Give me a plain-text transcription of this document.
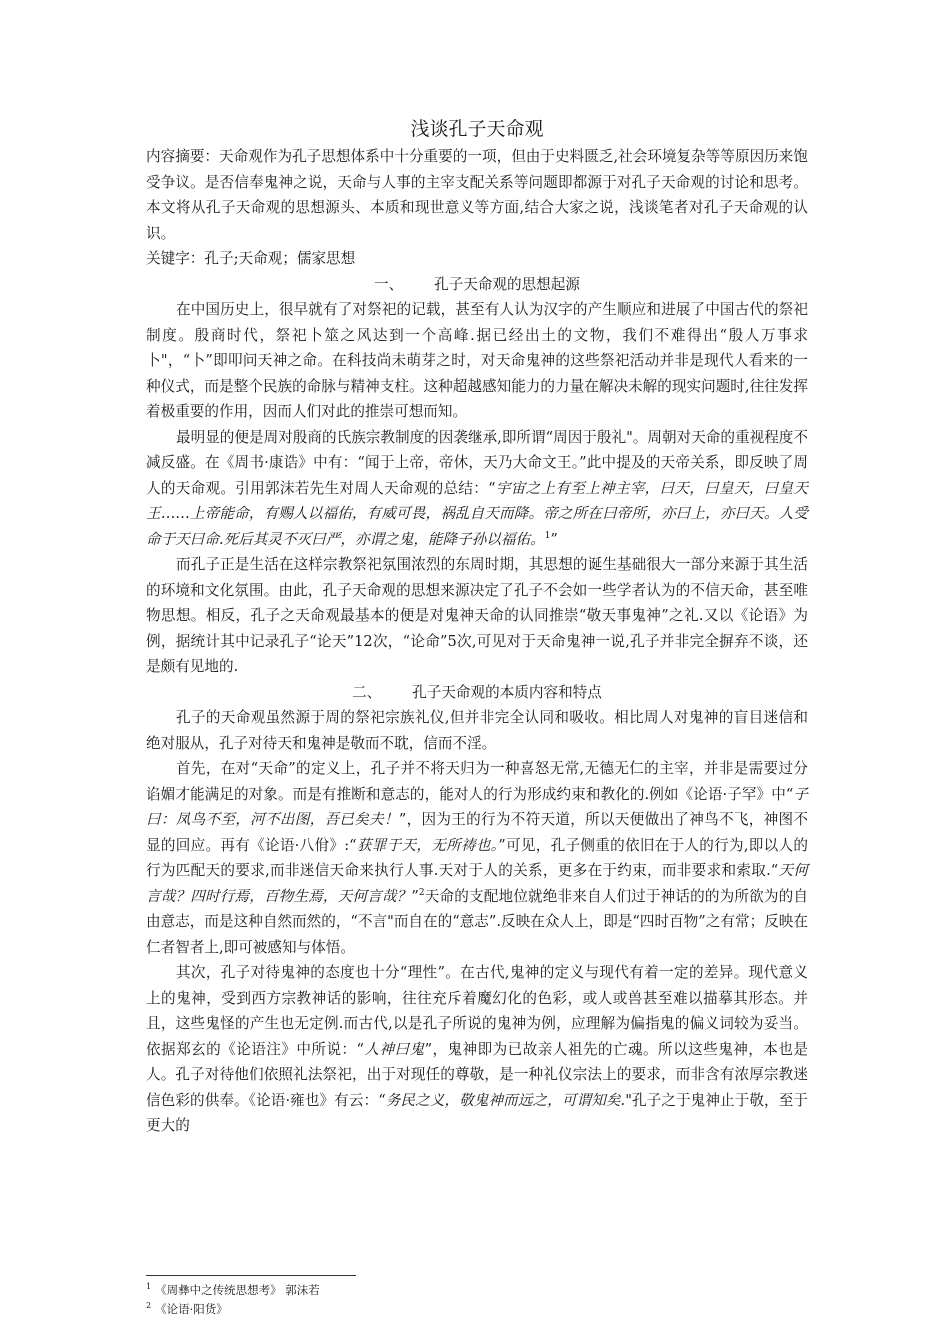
浅谈孔子天命观

内容摘要：天命观作为孔子思想体系中十分重要的一项，但由于史料匮乏,社会环境复杂等等原因历来饱受争议。是否信奉鬼神之说，天命与人事的主宰支配关系等问题即都源于对孔子天命观的讨论和思考。本文将从孔子天命观的思想源头、本质和现世意义等方面,结合大家之说，浅谈笔者对孔子天命观的认识。

关键字：孔子;天命观；儒家思想

一、 孔子天命观的思想起源

在中国历史上，很早就有了对祭祀的记载，甚至有人认为汉字的产生顺应和进展了中国古代的祭祀制度。殷商时代，祭祀卜筮之风达到一个高峰.据已经出土的文物，我们不难得出“殷人万事求卜"，“卜”即叩问天神之命。在科技尚未萌芽之时，对天命鬼神的这些祭祀活动并非是现代人看来的一种仪式，而是整个民族的命脉与精神支柱。这种超越感知能力的力量在解决未解的现实问题时,往往发挥着极重要的作用，因而人们对此的推崇可想而知。

最明显的便是周对殷商的氏族宗教制度的因袭继承,即所谓“周因于殷礼"。周朝对天命的重视程度不减反盛。在《周书·康诰》中有：“闻于上帝，帝休，天乃大命文王。”此中提及的天帝关系，即反映了周人的天命观。引用郭沫若先生对周人天命观的总结：“宇宙之上有至上神主宰，曰天，曰皇天，曰皇天王……上帝能命，有赐人以福佑，有威可畏，祸乱自天而降。帝之所在曰帝所，亦曰上，亦曰天。人受命于天曰命.死后其灵不灭曰严，亦谓之鬼，能降子孙以福佑。$^1$”

而孔子正是生活在这样宗教祭祀氛围浓烈的东周时期，其思想的诞生基础很大一部分来源于其生活的环境和文化氛围。由此，孔子天命观的思想来源决定了孔子不会如一些学者认为的不信天命，甚至唯物思想。相反，孔子之天命观最基本的便是对鬼神天命的认同推崇“敬天事鬼神”之礼.又以《论语》为例，据统计其中记录孔子“论天”12次，“论命”5次,可见对于天命鬼神一说,孔子并非完全摒弃不谈，还是颇有见地的.

二、 孔子天命观的本质内容和特点

孔子的天命观虽然源于周的祭祀宗族礼仪,但并非完全认同和吸收。相比周人对鬼神的盲目迷信和绝对服从，孔子对待天和鬼神是敬而不耽，信而不淫。

首先，在对“天命”的定义上，孔子并不将天归为一种喜怒无常,无德无仁的主宰，并非是需要过分谄媚才能满足的对象。而是有推断和意志的，能对人的行为形成约束和教化的.例如《论语·子罕》中“子曰：凤鸟不至，河不出图，吾已矣夫！”，因为王的行为不符天道，所以天便做出了神鸟不飞，神图不显的回应。再有《论语·八佾》:“获罪于天，无所祷也。”可见，孔子侧重的依旧在于人的行为,即以人的行为匹配天的要求,而非迷信天命来执行人事.天对于人的关系，更多在于约束，而非要求和索取.“天何言哉？四时行焉，百物生焉，天何言哉？”$^2$天命的支配地位就绝非来自人们过于神话的的为所欲为的自由意志，而是这种自然而然的，“不言"而自在的“意志”.反映在众人上，即是“四时百物”之有常；反映在仁者智者上,即可被感知与体悟。

其次，孔子对待鬼神的态度也十分“理性”。在古代,鬼神的定义与现代有着一定的差异。现代意义上的鬼神，受到西方宗教神话的影响，往往充斥着魔幻化的色彩，或人或兽甚至难以描摹其形态。并且，这些鬼怪的产生也无定例.而古代,以是孔子所说的鬼神为例，应理解为偏指鬼的偏义词较为妥当。依据郑玄的《论语注》中所说：“人神曰鬼”，鬼神即为已故亲人祖先的亡魂。所以这些鬼神，本也是人。孔子对待他们依照礼法祭祀，出于对现任的尊敬，是一种礼仪宗法上的要求，而非含有浓厚宗教迷信色彩的供奉。《论语·雍也》有云：“务民之义，敬鬼神而远之，可谓知矣."孔子之于鬼神止于敬，至于更大的

$^1$ 《周彝中之传统思想考》 郭沫若

$^2$ 《论语·阳货》
